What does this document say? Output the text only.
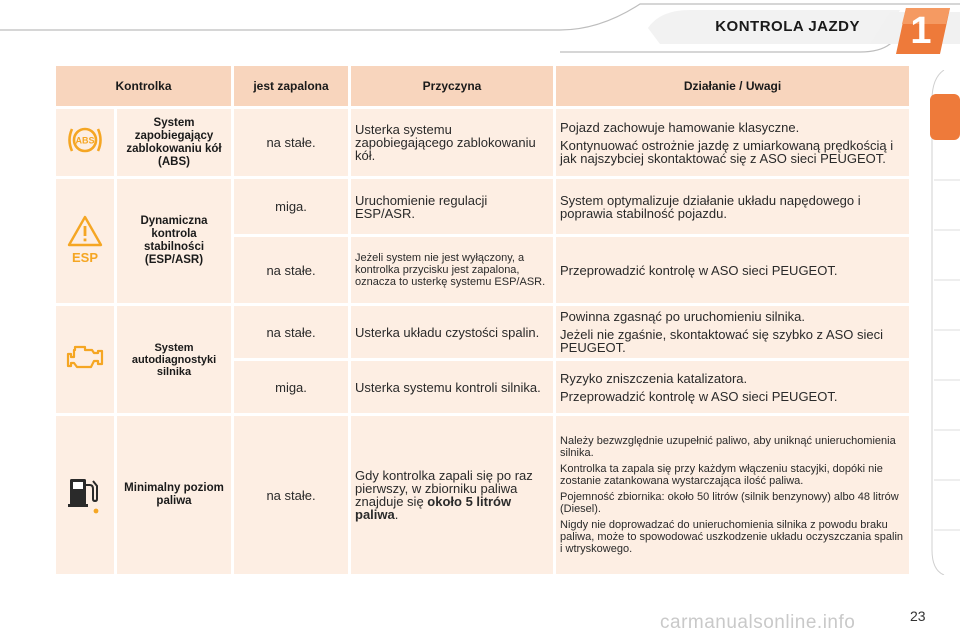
KONTROLA JAZDY	1
Kontrolka		jest zapalona	Przyczyna	Działanie / Uwagi

ABS	System zapobiegający zablokowaniu kół (ABS)	na stałe.	Usterka systemu zapobiegającego zablokowaniu kół.	Pojazd zachowuje hamowanie klasyczne.
Kontynuować ostrożnie jazdę z umiarkowaną prędkością i jak najszybciej skontaktować się z ASO sieci PEUGEOT.

ESP	Dynamiczna kontrola stabilności (ESP/ASR)	miga.	Uruchomienie regulacji ESP/ASR.	System optymalizuje działanie układu napędowego i poprawia stabilność pojazdu.

		na stałe.	Jeżeli system nie jest wyłączony, a kontrolka przycisku jest zapalona, oznacza to usterkę systemu ESP/ASR.	Przeprowadzić kontrolę w ASO sieci PEUGEOT.

	System autodiagnostyki silnika	na stałe.	Usterka układu czystości spalin.	Powinna zgasnąć po uruchomieniu silnika.
Jeżeli nie zgaśnie, skontaktować się szybko z ASO sieci PEUGEOT.

		miga.	Usterka systemu kontroli silnika.	Ryzyko zniszczenia katalizatora.
Przeprowadzić kontrolę w ASO sieci PEUGEOT.

	Minimalny poziom paliwa	na stałe.	Gdy kontrolka zapali się po raz pierwszy, w zbiorniku paliwa znajduje się około 5 litrów paliwa.	Należy bezwzględnie uzupełnić paliwo, aby uniknąć unieruchomienia silnika.
Kontrolka ta zapala się przy każdym włączeniu stacyjki, dopóki nie zostanie zatankowana wystarczająca ilość paliwa.
Pojemność zbiornika: około 50 litrów (silnik benzynowy) albo 48 litrów (Diesel).
Nigdy nie doprowadzać do unieruchomienia silnika z powodu braku paliwa, może to spowodować uszkodzenie układu oczyszczania spalin i wtryskowego.
carmanualsonline.info	23
